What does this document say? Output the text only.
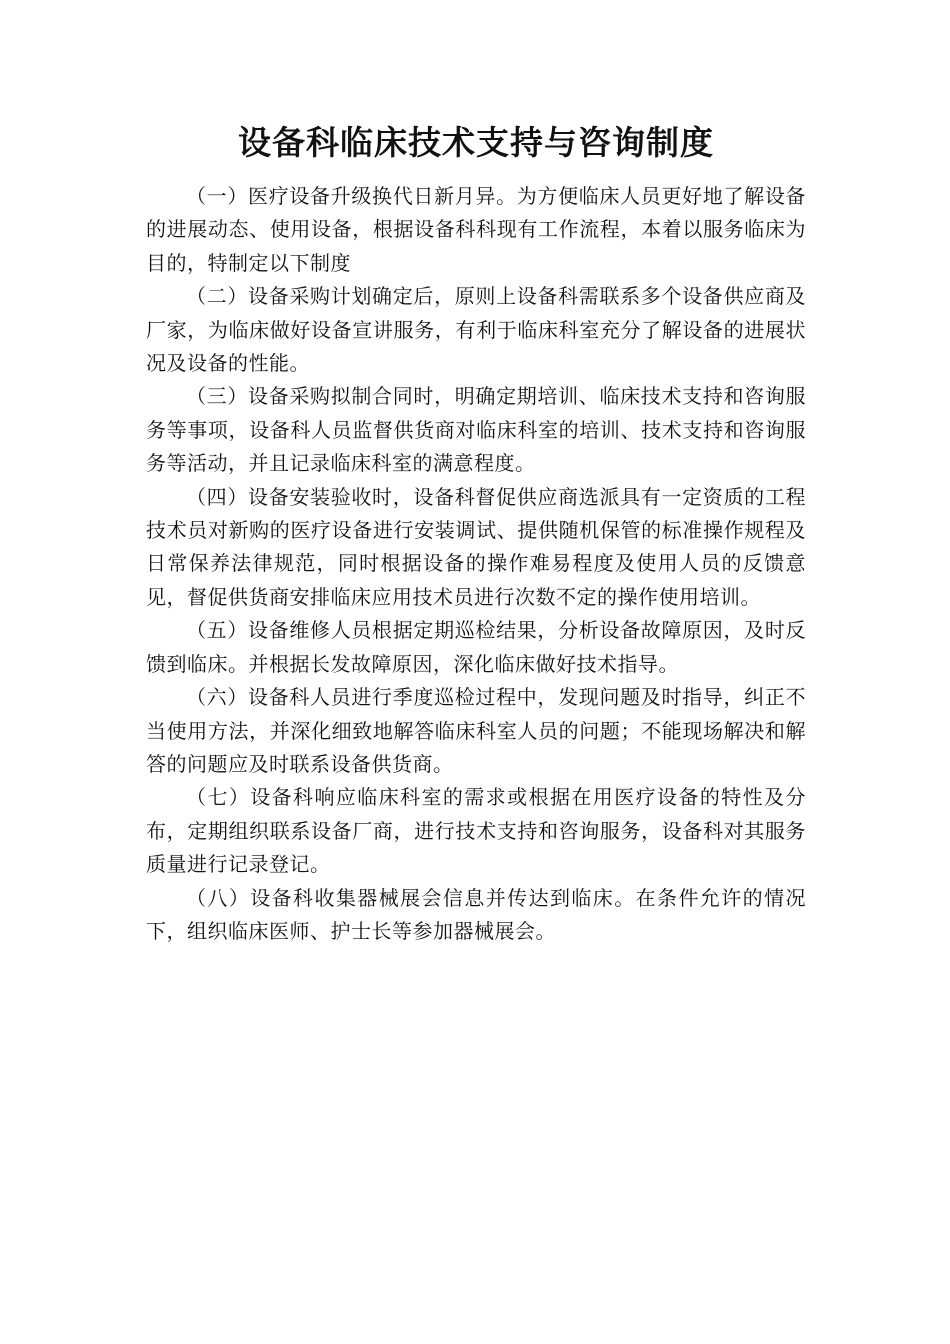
设备科临床技术支持与咨询制度

（一）医疗设备升级换代日新月异。为方便临床人员更好地了解设备的进展动态、使用设备，根据设备科科现有工作流程，本着以服务临床为目的，特制定以下制度

（二）设备采购计划确定后，原则上设备科需联系多个设备供应商及厂家，为临床做好设备宣讲服务，有利于临床科室充分了解设备的进展状况及设备的性能。

（三）设备采购拟制合同时，明确定期培训、临床技术支持和咨询服务等事项，设备科人员监督供货商对临床科室的培训、技术支持和咨询服务等活动，并且记录临床科室的满意程度。

（四）设备安装验收时，设备科督促供应商选派具有一定资质的工程技术员对新购的医疗设备进行安装调试、提供随机保管的标准操作规程及日常保养法律规范，同时根据设备的操作难易程度及使用人员的反馈意见，督促供货商安排临床应用技术员进行次数不定的操作使用培训。

（五）设备维修人员根据定期巡检结果，分析设备故障原因，及时反馈到临床。并根据长发故障原因，深化临床做好技术指导。

（六）设备科人员进行季度巡检过程中，发现问题及时指导，纠正不当使用方法，并深化细致地解答临床科室人员的问题；不能现场解决和解答的问题应及时联系设备供货商。

（七）设备科响应临床科室的需求或根据在用医疗设备的特性及分布，定期组织联系设备厂商，进行技术支持和咨询服务，设备科对其服务质量进行记录登记。

（八）设备科收集器械展会信息并传达到临床。在条件允许的情况下，组织临床医师、护士长等参加器械展会。
